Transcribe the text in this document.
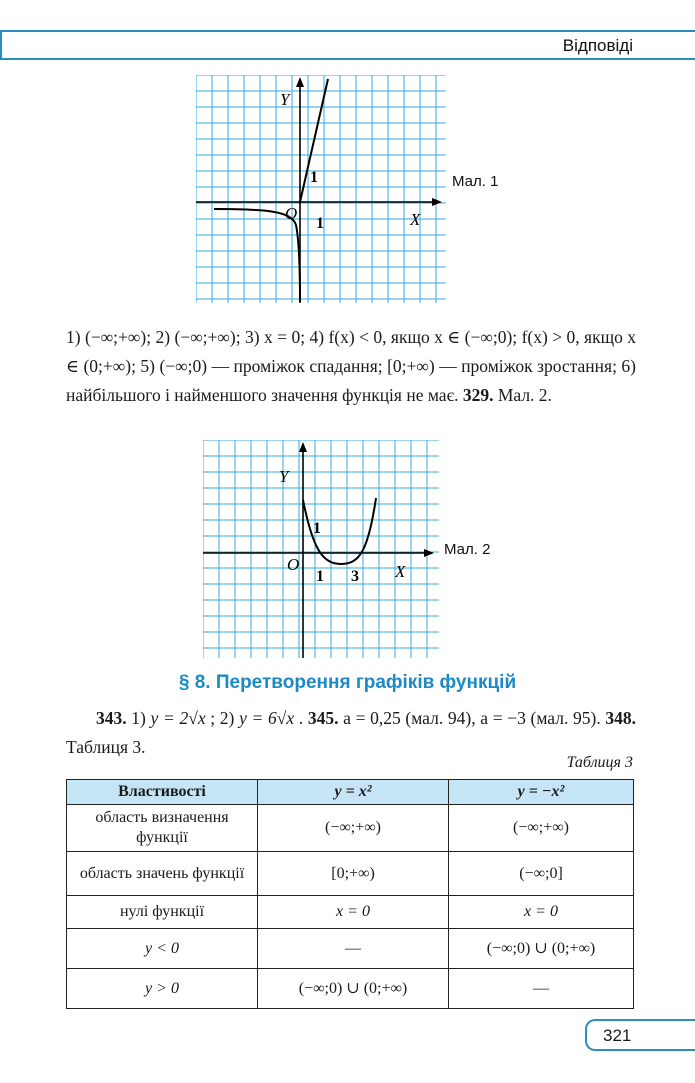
Відповіді
Y
X
O
1
1	Мал. 1
1) (−∞;+∞); 2) (−∞;+∞); 3) x = 0; 4) f(x) < 0, якщо x ∈ (−∞;0); f(x) > 0, якщо x ∈ (0;+∞); 5) (−∞;0) — проміжок спадання; [0;+∞) — проміжок зростання; 6) найбільшого і найменшого значення функція не має. 329. Мал. 2.
Y
X
O
1 3
1
Мал. 2
§ 8. Перетворення графіків функцій
343. 1) y = 2√x ; 2) y = 6√x . 345. a = 0,25 (мал. 94), a = −3 (мал. 95). 348. Таблиця 3.
Таблиця 3
Властивості	y = x²	y = −x²
область визначення функції	(−∞;+∞)	(−∞;+∞)
область значень функції	[0;+∞)	(−∞;0]
нулі функції	x = 0	x = 0
y < 0	—	(−∞;0) ∪ (0;+∞)
y > 0	(−∞;0) ∪ (0;+∞)	—
321
